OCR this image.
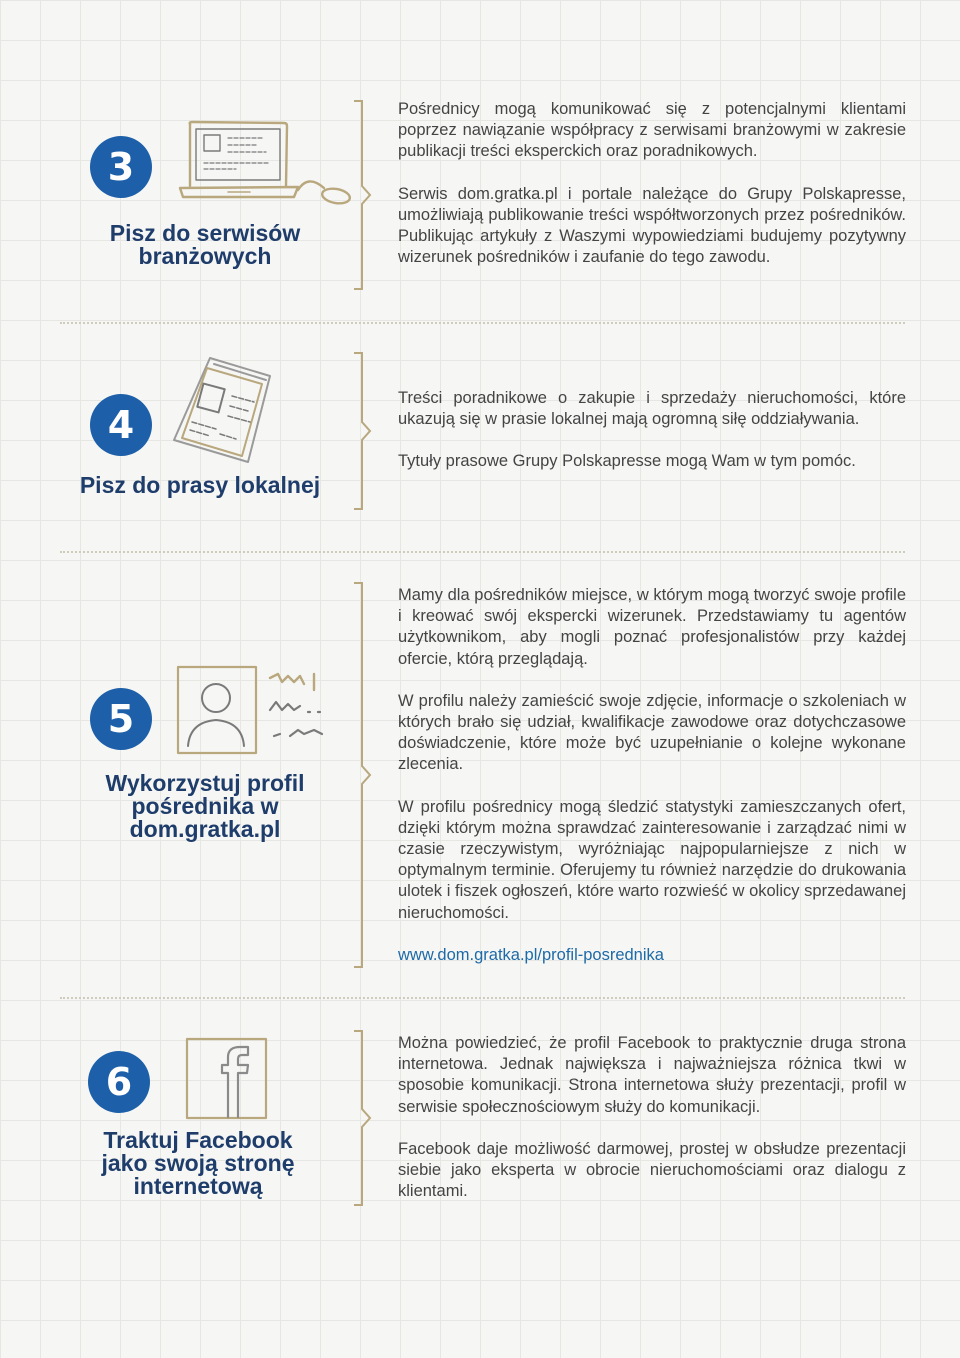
3
Pisz do serwisów branżowych

Pośrednicy mogą komunikować się z potencjalnymi klientami poprzez nawiązanie współpracy z serwisami branżowymi w zakresie publikacji treści eksperckich oraz poradnikowych.

Serwis dom.gratka.pl i portale należące do Grupy Polskapresse, umożliwiają publikowanie treści współtworzonych przez pośredników. Publikując artykuły z Waszymi wypowiedziami budujemy pozytywny wizerunek pośredników i zaufanie do tego zawodu.

4
Pisz do prasy lokalnej

Treści poradnikowe o zakupie i sprzedaży nieruchomości, które ukazują się w prasie lokalnej mają ogromną siłę oddziaływania.

Tytuły prasowe Grupy Polskapresse mogą Wam w tym pomóc.

5
Wykorzystuj profil pośrednika w dom.gratka.pl

Mamy dla pośredników miejsce, w którym mogą tworzyć swoje profile i kreować swój ekspercki wizerunek. Przedstawiamy tu agentów użytkownikom, aby mogli poznać profesjonalistów przy każdej ofercie, którą przeglądają.

W profilu należy zamieścić swoje zdjęcie, informacje o szkoleniach w których brało się udział, kwalifikacje zawodowe oraz dotychczasowe doświadczenie, które może być uzupełnianie o kolejne wykonane zlecenia.

W profilu pośrednicy mogą śledzić statystyki zamieszczanych ofert, dzięki którym można sprawdzać zainteresowanie i zarządzać nimi w czasie rzeczywistym, wyróżniając najpopularniejsze z nich w optymalnym terminie. Oferujemy tu również narzędzie do drukowania ulotek i fiszek ogłoszeń, które warto rozwieść w okolicy sprzedawanej nieruchomości.

www.dom.gratka.pl/profil-posrednika

6
Traktuj Facebook jako swoją stronę internetową

Można powiedzieć, że profil Facebook to praktycznie druga strona internetowa. Jednak największa i najważniejsza różnica tkwi w sposobie komunikacji. Strona internetowa służy prezentacji, profil w serwisie społecznościowym służy do komunikacji.

Facebook daje możliwość darmowej, prostej w obsłudze prezentacji siebie jako eksperta w obrocie nieruchomościami oraz dialogu z klientami.
